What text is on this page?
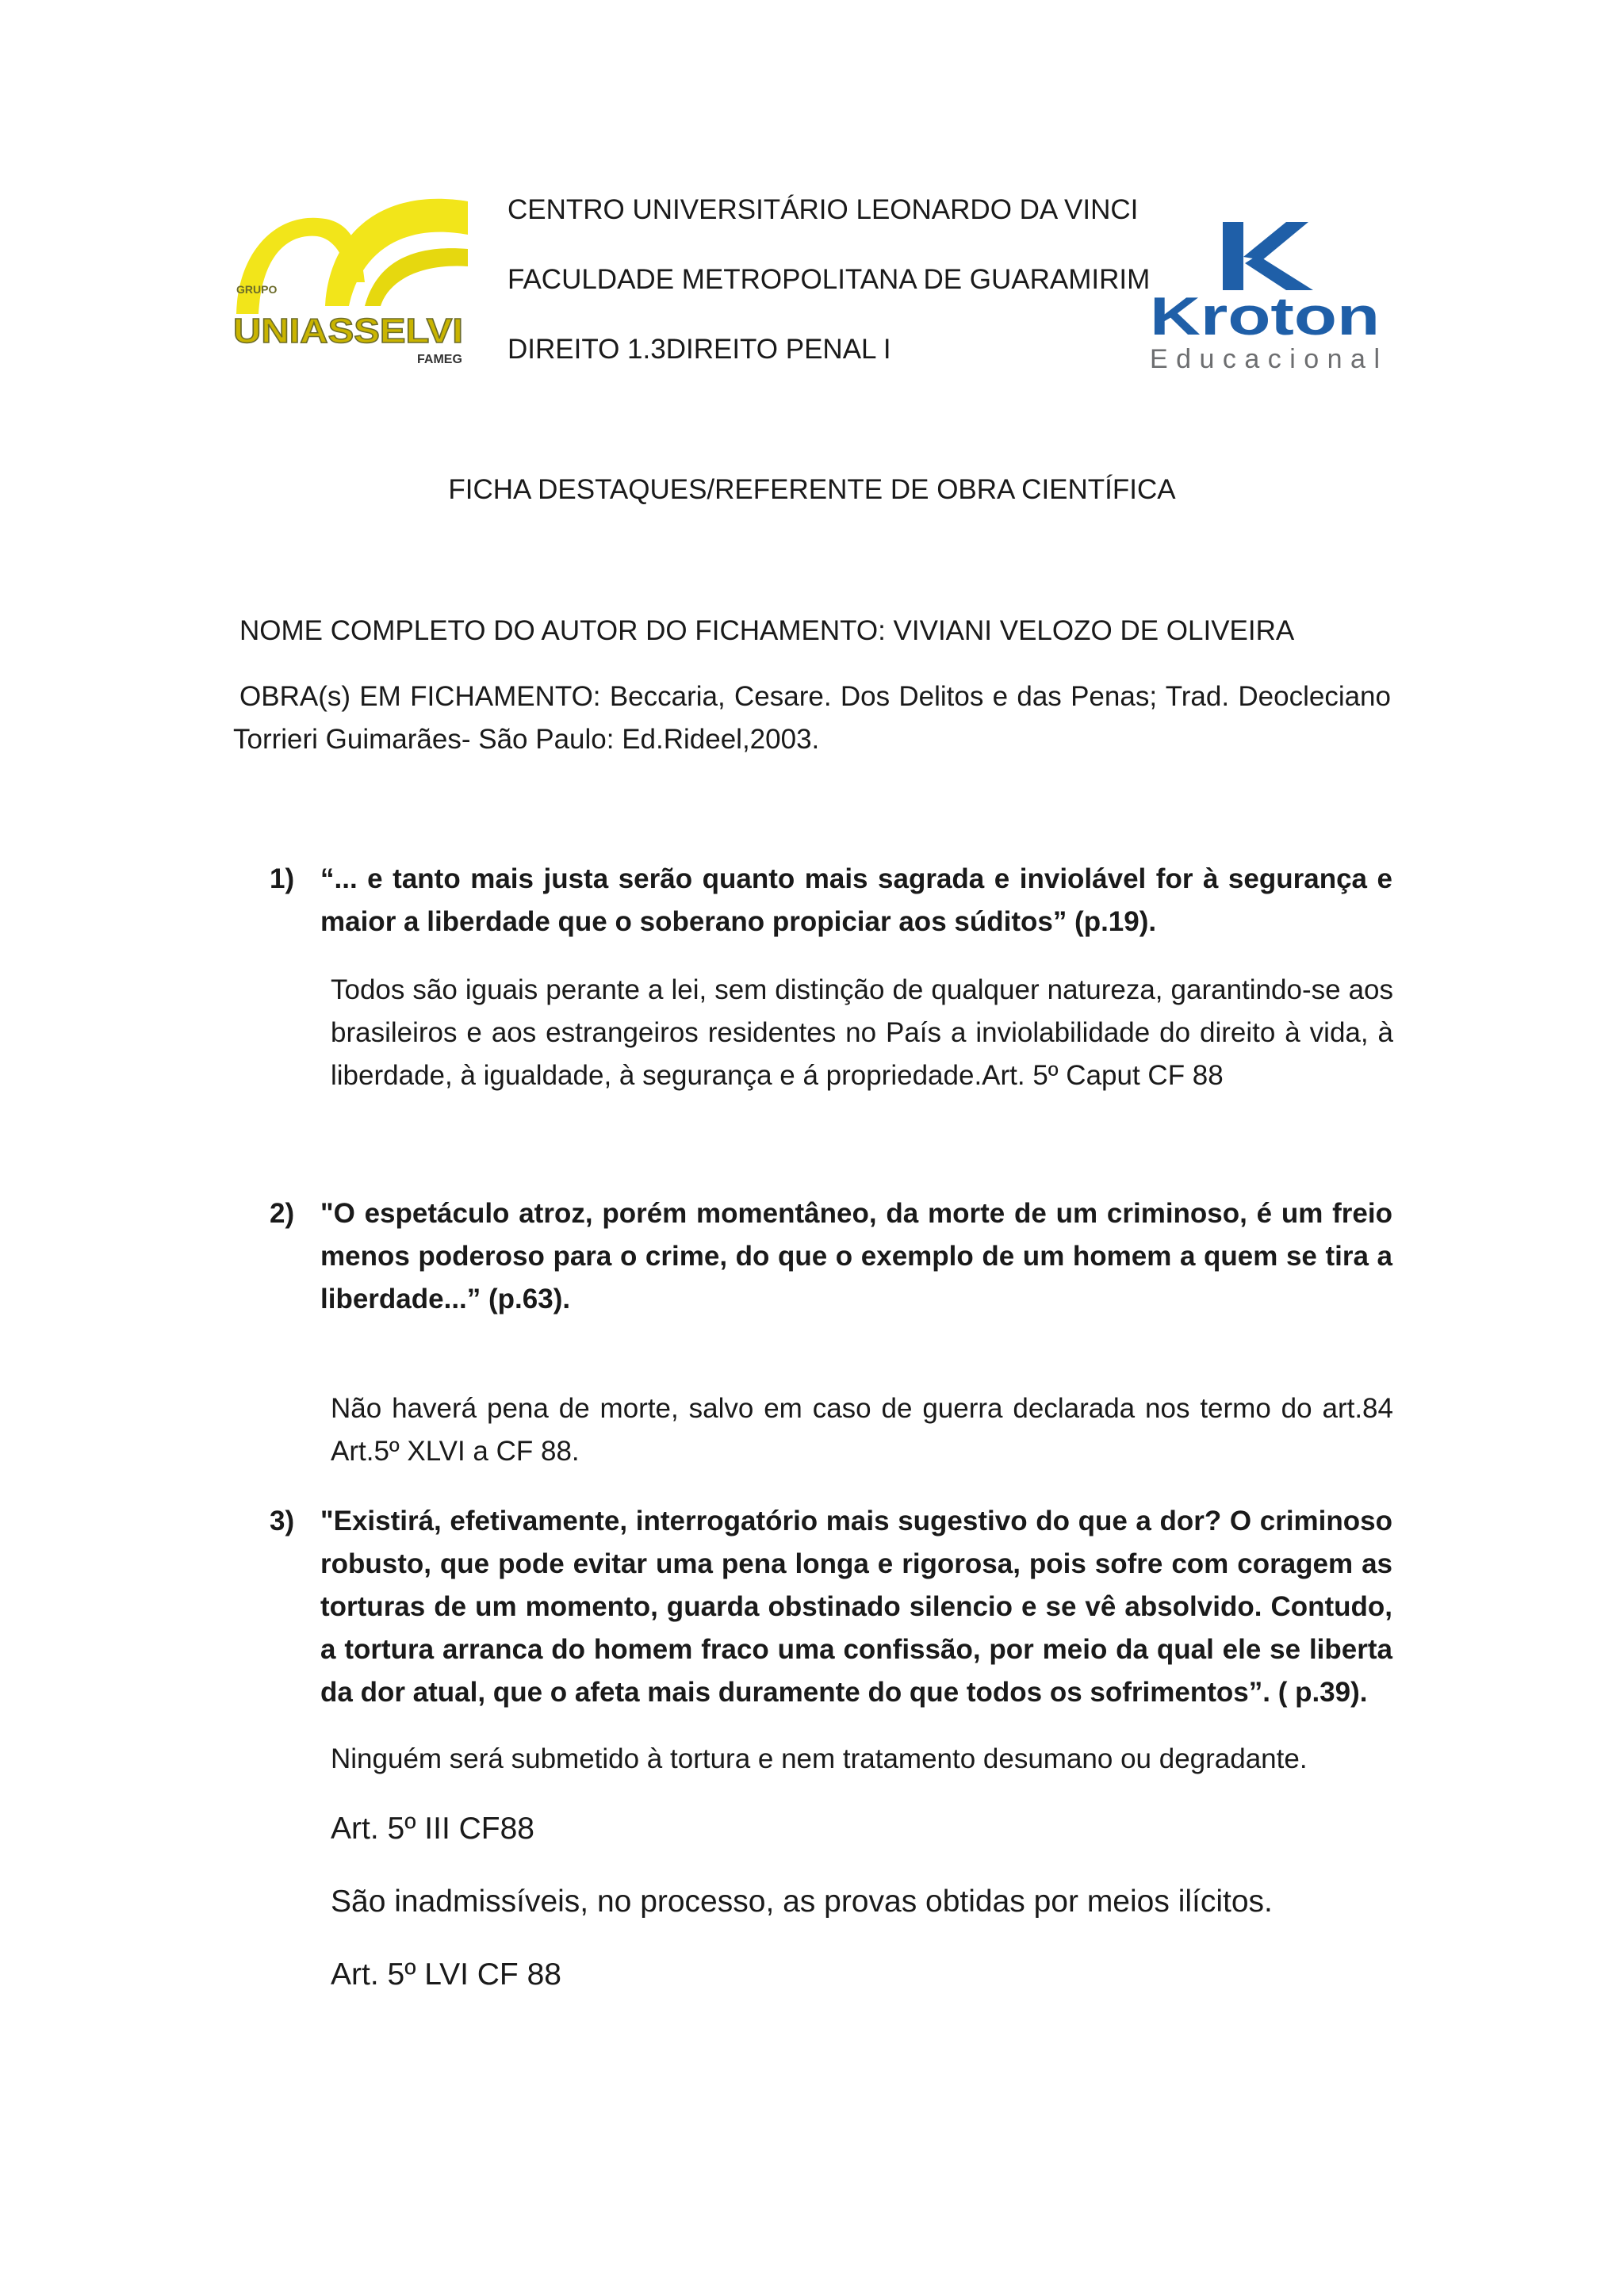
GRUPO
UNIASSELVI
FAMEG
CENTRO UNIVERSITÁRIO LEONARDO DA VINCI
FACULDADE METROPOLITANA DE GUARAMIRIM
DIREITO 1.3DIREITO PENAL I
Kroton
Educacional
FICHA DESTAQUES/REFERENTE DE OBRA CIENTÍFICA
NOME COMPLETO DO AUTOR DO FICHAMENTO: VIVIANI VELOZO DE OLIVEIRA
OBRA(s) EM FICHAMENTO: Beccaria, Cesare. Dos Delitos e das Penas; Trad. Deocleciano Torrieri Guimarães- São Paulo: Ed.Rideel,2003.
1) “... e tanto mais justa serão quanto mais sagrada e inviolável for à segurança e maior a liberdade que o soberano propiciar aos súditos” (p.19).
Todos são iguais perante a lei, sem distinção de qualquer natureza, garantindo-se aos brasileiros e aos estrangeiros residentes no País a inviolabilidade do direito à vida, à liberdade, à igualdade, à segurança e á propriedade.Art. 5º Caput CF 88
2) "O espetáculo atroz, porém momentâneo, da morte de um criminoso, é um freio menos poderoso para o crime, do que o exemplo de um homem a quem se tira a liberdade...” (p.63).
Não haverá pena de morte, salvo em caso de guerra declarada nos termo do art.84 Art.5º XLVI a CF 88.
3) "Existirá, efetivamente, interrogatório mais sugestivo do que a dor? O criminoso robusto, que pode evitar uma pena longa e rigorosa, pois sofre com coragem as torturas de um momento, guarda obstinado silencio e se vê absolvido. Contudo, a tortura arranca do homem fraco uma confissão, por meio da qual ele se liberta da dor atual, que o afeta mais duramente do que todos os sofrimentos”. ( p.39).
Ninguém será submetido à tortura e nem tratamento desumano ou degradante.
Art. 5º III CF88
São inadmissíveis, no processo, as provas obtidas por meios ilícitos.
Art. 5º LVI CF 88
